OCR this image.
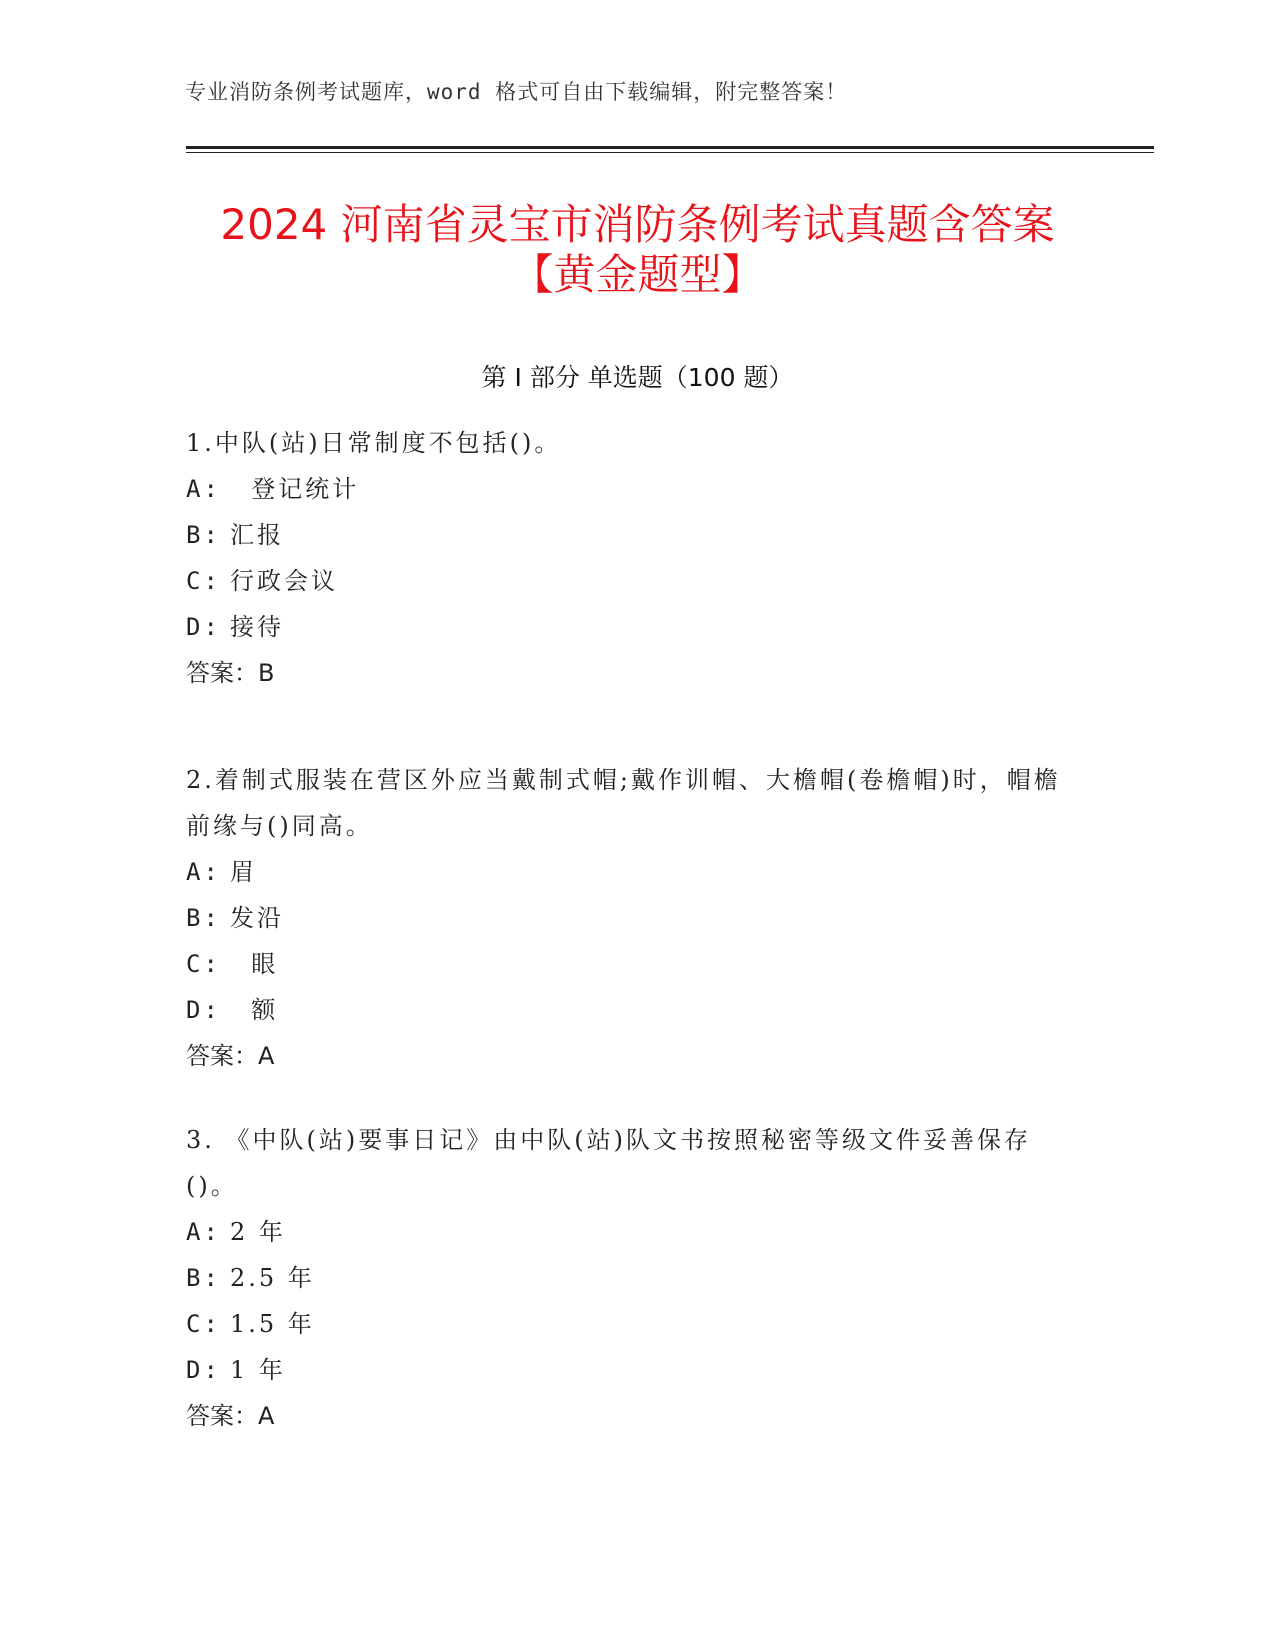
专业消防条例考试题库，word 格式可自由下载编辑，附完整答案！
2024 河南省灵宝市消防条例考试真题含答案
【黄金题型】
第 I 部分 单选题（100 题）

1.中队(站)日常制度不包括()。

A: 登记统计
B: 汇报
C: 行政会议
D: 接待
答案：B

2.着制式服装在营区外应当戴制式帽;戴作训帽、大檐帽(卷檐帽)时，帽檐前缘与()同高。

A: 眉
B: 发沿
C: 眼
D: 额
答案：A

3. 《中队(站)要事日记》由中队(站)队文书按照秘密等级文件妥善保存()。

A: 2 年
B: 2.5 年
C: 1.5 年
D: 1 年
答案：A
